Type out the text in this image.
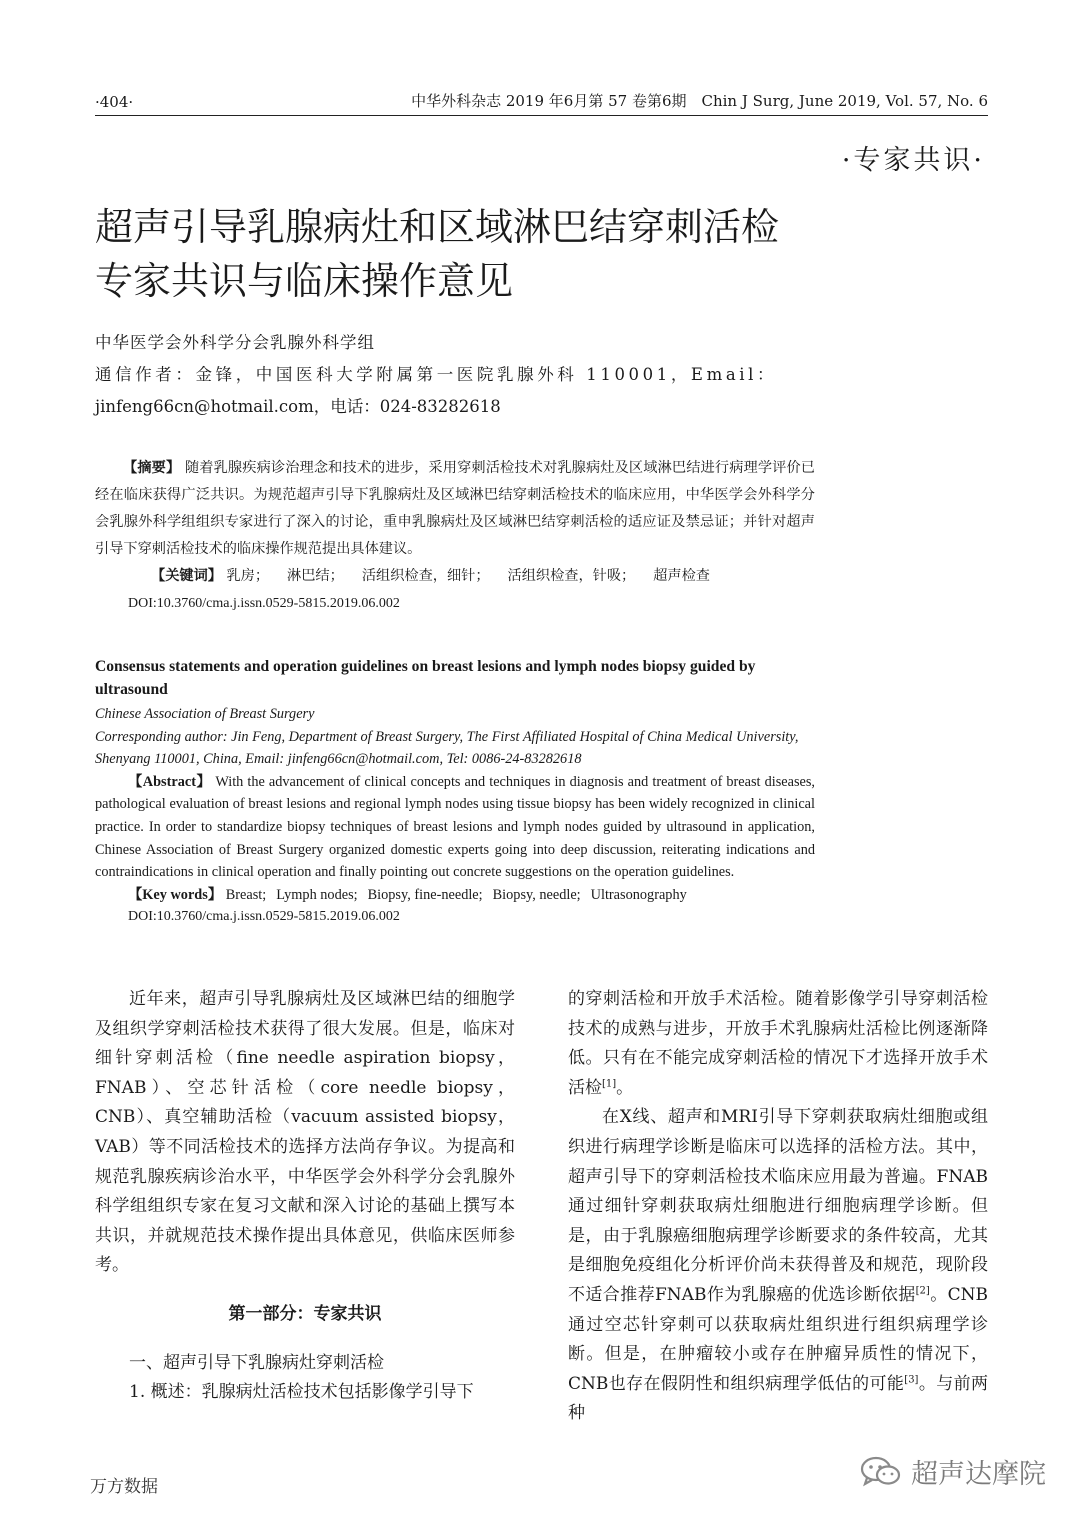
·404·	中华外科杂志 2019 年6月第 57 卷第6期　Chin J Surg, June 2019, Vol. 57, No. 6
·专家共识·
超声引导乳腺病灶和区域淋巴结穿刺活检
专家共识与临床操作意见
中华医学会外科学分会乳腺外科学组
通信作者：金锋，中国医科大学附属第一医院乳腺外科 110001，Email：
jinfeng66cn@hotmail.com，电话：024-83282618

【摘要】 随着乳腺疾病诊治理念和技术的进步，采用穿刺活检技术对乳腺病灶及区域淋巴结进行病理学评价已经在临床获得广泛共识。为规范超声引导下乳腺病灶及区域淋巴结穿刺活检技术的临床应用，中华医学会外科学分会乳腺外科学组组织专家进行了深入的讨论，重申乳腺病灶及区域淋巴结穿刺活检的适应证及禁忌证；并针对超声引导下穿刺活检技术的临床操作规范提出具体建议。

【关键词】 乳房； 淋巴结； 活组织检查，细针； 活组织检查，针吸； 超声检查

DOI:10.3760/cma.j.issn.0529-5815.2019.06.002

Consensus statements and operation guidelines on breast lesions and lymph nodes biopsy guided by ultrasound

Chinese Association of Breast Surgery

Corresponding author: Jin Feng, Department of Breast Surgery, The First Affiliated Hospital of China Medical University, Shenyang 110001, China, Email: jinfeng66cn@hotmail.com, Tel: 0086-24-83282618

【Abstract】 With the advancement of clinical concepts and techniques in diagnosis and treatment of breast diseases, pathological evaluation of breast lesions and regional lymph nodes using tissue biopsy has been widely recognized in clinical practice. In order to standardize biopsy techniques of breast lesions and lymph nodes guided by ultrasound in application, Chinese Association of Breast Surgery organized domestic experts going into deep discussion, reiterating indications and contraindications in clinical operation and finally pointing out concrete suggestions on the operation guidelines.

【Key words】 Breast; Lymph nodes; Biopsy, fine-needle; Biopsy, needle; Ultrasonography

DOI:10.3760/cma.j.issn.0529-5815.2019.06.002

近年来，超声引导乳腺病灶及区域淋巴结的细胞学及组织学穿刺活检技术获得了很大发展。但是，临床对细针穿刺活检（fine needle aspiration biopsy，FNAB）、空芯针活检（core needle biopsy，CNB）、真空辅助活检（vacuum assisted biopsy，VAB）等不同活检技术的选择方法尚存争议。为提高和规范乳腺疾病诊治水平，中华医学会外科学分会乳腺外科学组组织专家在复习文献和深入讨论的基础上撰写本共识，并就规范技术操作提出具体意见，供临床医师参考。

第一部分：专家共识

一、超声引导下乳腺病灶穿刺活检

1. 概述：乳腺病灶活检技术包括影像学引导下

的穿刺活检和开放手术活检。随着影像学引导穿刺活检技术的成熟与进步，开放手术乳腺病灶活检比例逐渐降低。只有在不能完成穿刺活检的情况下才选择开放手术活检[1]。

在X线、超声和MRI引导下穿刺获取病灶细胞或组织进行病理学诊断是临床可以选择的活检方法。其中，超声引导下的穿刺活检技术临床应用最为普遍。FNAB通过细针穿刺获取病灶细胞进行细胞病理学诊断。但是，由于乳腺癌细胞病理学诊断要求的条件较高，尤其是细胞免疫组化分析评价尚未获得普及和规范，现阶段不适合推荐FNAB作为乳腺癌的优选诊断依据[2]。CNB通过空芯针穿刺可以获取病灶组织进行组织病理学诊断。但是，在肿瘤较小或存在肿瘤异质性的情况下，CNB也存在假阴性和组织病理学低估的可能[3]。与前两种

万方数据	超声达摩院
